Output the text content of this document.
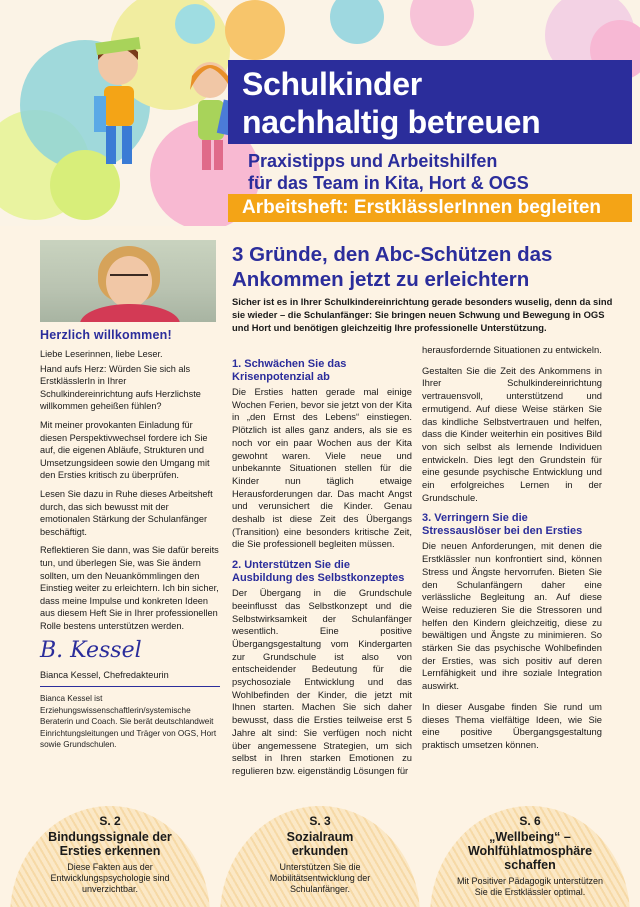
Schulkinder
nachhaltig betreuen
Praxistipps und Arbeitshilfen
für das Team in Kita, Hort & OGS
Arbeitsheft: ErstklässlerInnen begleiten
Herzlich willkommen!

Liebe Leserinnen, liebe Leser.

Hand aufs Herz: Würden Sie sich als ErstklässlerIn in Ihrer Schulkindereinrichtung aufs Herzlichste willkommen geheißen fühlen?

Mit meiner provokanten Einladung für diesen Perspektivwechsel fordere ich Sie auf, die eigenen Abläufe, Strukturen und Umsetzungsideen sowie den Umgang mit den Ersties kritisch zu überprüfen.

Lesen Sie dazu in Ruhe dieses Arbeitsheft durch, das sich bewusst mit der emotionalen Stärkung der Schulanfänger beschäftigt.

Reflektieren Sie dann, was Sie dafür bereits tun, und überlegen Sie, was Sie ändern sollten, um den Neuankömmlingen den Einstieg weiter zu erleichtern. Ich bin sicher, dass meine Impulse und konkreten Ideen aus diesem Heft Sie in Ihrer professionellen Rolle bestens unterstützen werden.

B. Kessel
Bianca Kessel, Chefredakteurin
Bianca Kessel ist Erziehungswissenschaftlerin/systemische Beraterin und Coach. Sie berät deutschlandweit Einrichtungsleitungen und Träger von OGS, Hort sowie Grundschulen.
3 Gründe, den Abc-Schützen das Ankommen jetzt zu erleichtern
Sicher ist es in Ihrer Schulkindereinrichtung gerade besonders wuselig, denn da sind sie wieder – die Schulanfänger: Sie bringen neuen Schwung und Bewegung in OGS und Hort und benötigen gleichzeitig Ihre professionelle Unterstützung.
1. Schwächen Sie das Krisenpotenzial ab

Die Ersties hatten gerade mal einige Wochen Ferien, bevor sie jetzt von der Kita in „den Ernst des Lebens“ einstiegen. Plötzlich ist alles ganz anders, als sie es noch vor ein paar Wochen aus der Kita gewohnt waren. Viele neue und unbekannte Situationen stellen für die Kinder nun täglich etwaige Herausforderungen dar. Das macht Angst und verunsichert die Kinder. Genau deshalb ist diese Zeit des Übergangs (Transition) eine besonders kritische Zeit, die Sie professionell begleiten müssen.

2. Unterstützen Sie die Ausbildung des Selbstkonzeptes

Der Übergang in die Grundschule beeinflusst das Selbstkonzept und die Selbstwirksamkeit der Schulanfänger wesentlich. Eine positive Übergangsgestaltung vom Kindergarten zur Grundschule ist also von entscheidender Bedeutung für die psychosoziale Entwicklung und das Wohlbefinden der Kinder, die jetzt mit Ihnen starten. Machen Sie sich daher bewusst, dass die Ersties teilweise erst 5 Jahre alt sind: Sie verfügen noch nicht über angemessene Strategien, um sich selbst in Ihren starken Emotionen zu regulieren bzw. eigenständig Lösungen für

herausfordernde Situationen zu entwickeln.

Gestalten Sie die Zeit des Ankommens in Ihrer Schulkindereinrichtung vertrauensvoll, unterstützend und ermutigend. Auf diese Weise stärken Sie das kindliche Selbstvertrauen und helfen, dass die Kinder weiterhin ein positives Bild von sich selbst als lernende Individuen entwickeln. Dies legt den Grundstein für eine gesunde psychische Entwicklung und ein erfolgreiches Lernen in der Grundschule.

3. Verringern Sie die Stressauslöser bei den Ersties

Die neuen Anforderungen, mit denen die Erstklässler nun konfrontiert sind, können Stress und Ängste hervorrufen. Bieten Sie den Schulanfängern daher eine verlässliche Begleitung an. Auf diese Weise reduzieren Sie die Stressoren und helfen den Kindern gleichzeitig, diese zu bewältigen und Ängste zu minimieren. So stärken Sie das psychische Wohlbefinden der Ersties, was sich positiv auf deren Lernfähigkeit und ihre soziale Integration auswirkt.

In dieser Ausgabe finden Sie rund um dieses Thema vielfältige Ideen, wie Sie eine positive Übergangsgestaltung praktisch umsetzen können.

S. 2
Bindungssignale der Ersties erkennen
Diese Fakten aus der Entwicklungspsychologie sind unverzichtbar.
S. 3
Sozialraum erkunden
Unterstützen Sie die Mobilitätsentwicklung der Schulanfänger.
S. 6
„Wellbeing“ – Wohlfühlatmosphäre schaffen
Mit Positiver Pädagogik unterstützen Sie die Erstklässler optimal.
